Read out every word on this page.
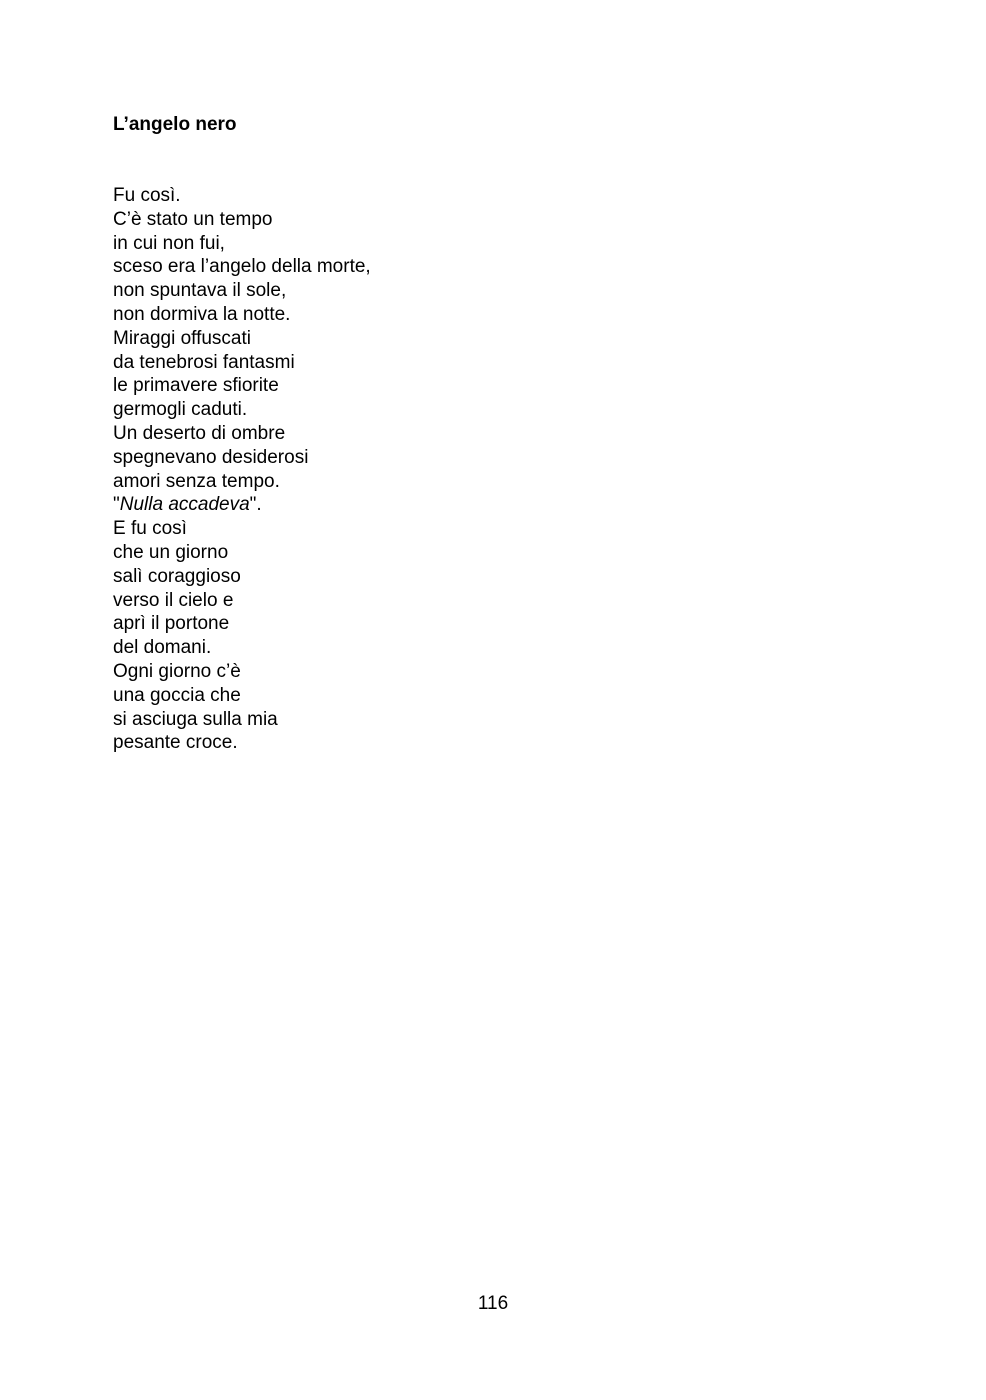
L’angelo nero
Fu così.
C’è stato un tempo
in cui non fui,
sceso era l’angelo della morte,
non spuntava il sole,
non dormiva la notte.
Miraggi offuscati
da tenebrosi fantasmi
le primavere sfiorite
germogli caduti.
Un deserto di ombre
spegnevano desiderosi
amori senza tempo.
"Nulla accadeva".
E fu così
che un giorno
salì coraggioso
verso il cielo e
aprì il portone
del domani.
Ogni giorno c’è
una goccia che
si asciuga sulla mia
pesante croce.
116
